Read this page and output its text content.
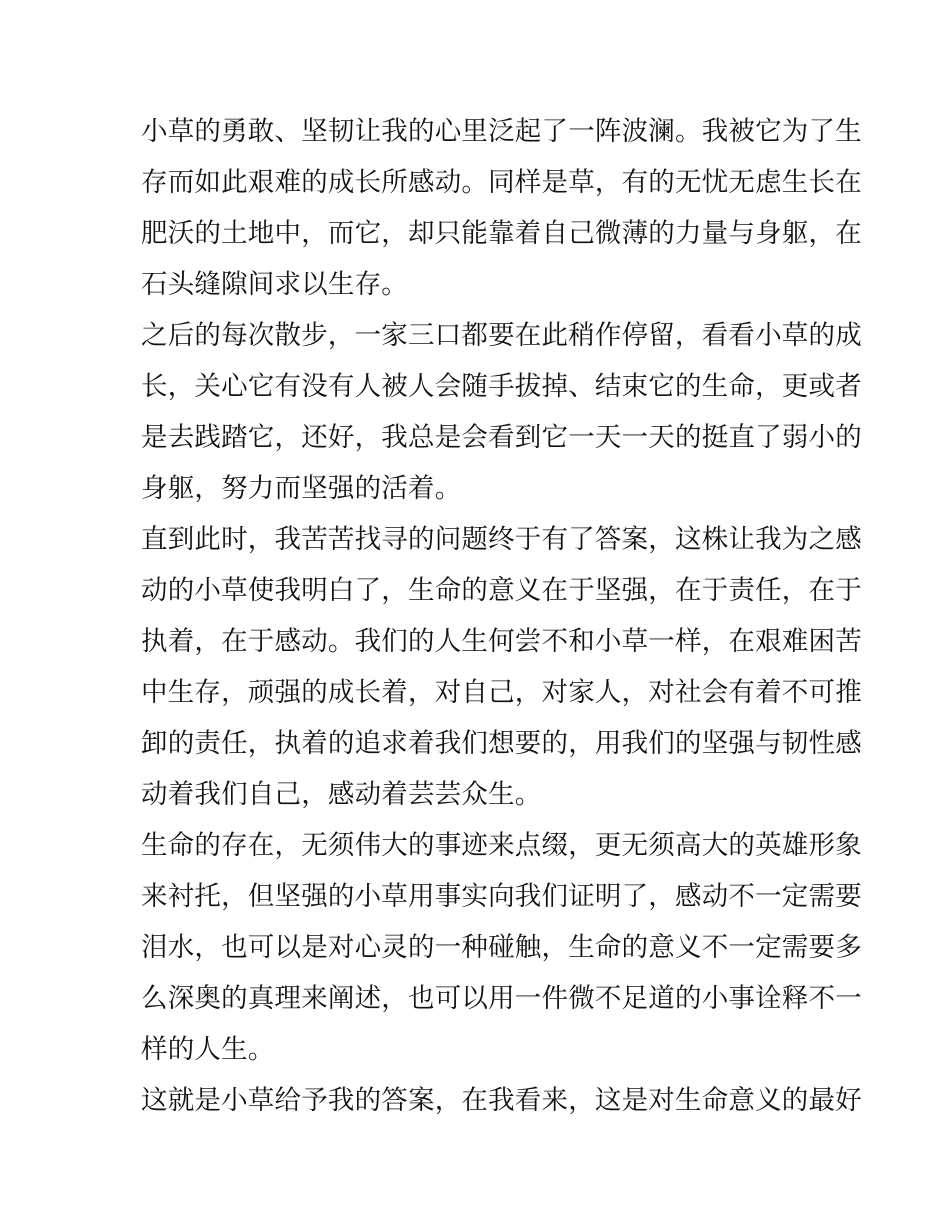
小草的勇敢、坚韧让我的心里泛起了一阵波澜。我被它为了生
存而如此艰难的成长所感动。同样是草，有的无忧无虑生长在
肥沃的土地中，而它，却只能靠着自己微薄的力量与身躯，在
石头缝隙间求以生存。

之后的每次散步，一家三口都要在此稍作停留，看看小草的成
长，关心它有没有人被人会随手拔掉、结束它的生命，更或者
是去践踏它，还好，我总是会看到它一天一天的挺直了弱小的
身躯，努力而坚强的活着。

直到此时，我苦苦找寻的问题终于有了答案，这株让我为之感
动的小草使我明白了，生命的意义在于坚强，在于责任，在于
执着，在于感动。我们的人生何尝不和小草一样，在艰难困苦
中生存，顽强的成长着，对自己，对家人，对社会有着不可推
卸的责任，执着的追求着我们想要的，用我们的坚强与韧性感
动着我们自己，感动着芸芸众生。

生命的存在，无须伟大的事迹来点缀，更无须高大的英雄形象
来衬托，但坚强的小草用事实向我们证明了，感动不一定需要
泪水，也可以是对心灵的一种碰触，生命的意义不一定需要多
么深奥的真理来阐述，也可以用一件微不足道的小事诠释不一
样的人生。

这就是小草给予我的答案，在我看来，这是对生命意义的最好
